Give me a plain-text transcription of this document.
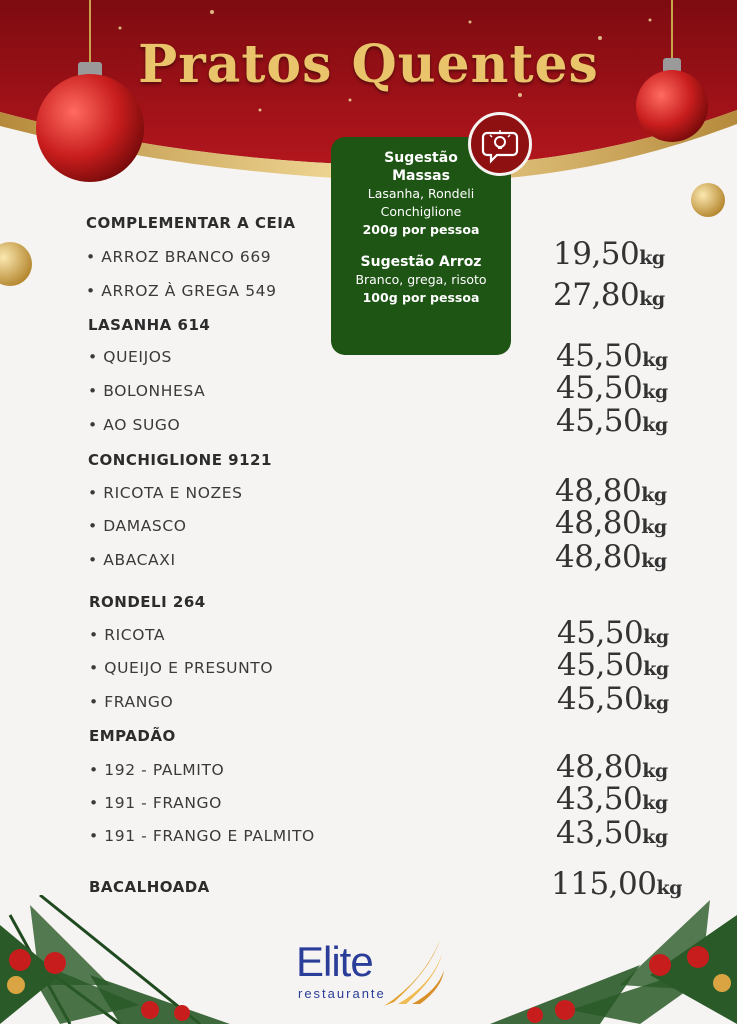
Pratos Quentes
Sugestão
Massas
Lasanha, Rondeli
Conchiglione
200g por pessoa
Sugestão Arroz
Branco, grega, risoto
100g por pessoa
COMPLEMENTAR A CEIA
• ARROZ BRANCO 669	19,50kg
• ARROZ À GREGA 549	27,80kg
LASANHA 614
• QUEIJOS	45,50kg
• BOLONHESA	45,50kg
• AO SUGO	45,50kg
CONCHIGLIONE 9121
• RICOTA E NOZES	48,80kg
• DAMASCO	48,80kg
• ABACAXI	48,80kg
RONDELI 264
• RICOTA	45,50kg
• QUEIJO E PRESUNTO	45,50kg
• FRANGO	45,50kg
EMPADÃO
• 192 - PALMITO	48,80kg
• 191 - FRANGO	43,50kg
• 191 - FRANGO E PALMITO	43,50kg
BACALHOADA	115,00kg
Elite
restaurante
